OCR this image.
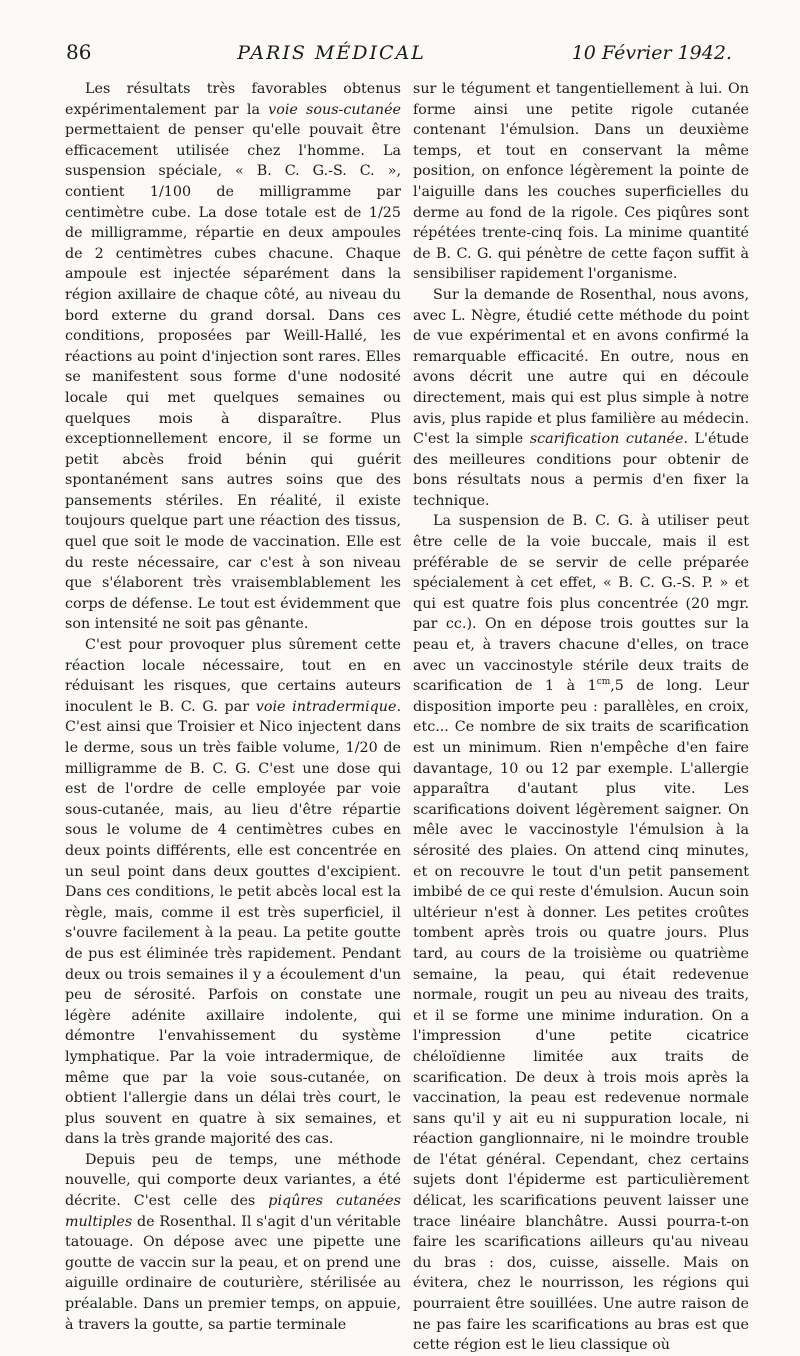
86	PARIS MÉDICAL	10 Février 1942.

Les résultats très favorables obtenus expérimentalement par la voie sous-cutanée permettaient de penser qu'elle pouvait être efficacement utilisée chez l'homme. La suspension spéciale, « B. C. G.-S. C. », contient 1/100 de milligramme par centimètre cube. La dose totale est de 1/25 de milligramme, répartie en deux ampoules de 2 centimètres cubes chacune. Chaque ampoule est injectée séparément dans la région axillaire de chaque côté, au niveau du bord externe du grand dorsal. Dans ces conditions, proposées par Weill-Hallé, les réactions au point d'injection sont rares. Elles se manifestent sous forme d'une nodosité locale qui met quelques semaines ou quelques mois à disparaître. Plus exceptionnellement encore, il se forme un petit abcès froid bénin qui guérit spontanément sans autres soins que des pansements stériles. En réalité, il existe toujours quelque part une réaction des tissus, quel que soit le mode de vaccination. Elle est du reste nécessaire, car c'est à son niveau que s'élaborent très vraisemblablement les corps de défense. Le tout est évidemment que son intensité ne soit pas gênante.

C'est pour provoquer plus sûrement cette réaction locale nécessaire, tout en en réduisant les risques, que certains auteurs inoculent le B. C. G. par voie intradermique. C'est ainsi que Troisier et Nico injectent dans le derme, sous un très faible volume, 1/20 de milligramme de B. C. G. C'est une dose qui est de l'ordre de celle employée par voie sous-cutanée, mais, au lieu d'être répartie sous le volume de 4 centimètres cubes en deux points différents, elle est concentrée en un seul point dans deux gouttes d'excipient. Dans ces conditions, le petit abcès local est la règle, mais, comme il est très superficiel, il s'ouvre facilement à la peau. La petite goutte de pus est éliminée très rapidement. Pendant deux ou trois semaines il y a écoulement d'un peu de sérosité. Parfois on constate une légère adénite axillaire indolente, qui démontre l'envahissement du système lymphatique. Par la voie intradermique, de même que par la voie sous-cutanée, on obtient l'allergie dans un délai très court, le plus souvent en quatre à six semaines, et dans la très grande majorité des cas.

Depuis peu de temps, une méthode nouvelle, qui comporte deux variantes, a été décrite. C'est celle des piqûres cutanées multiples de Rosenthal. Il s'agit d'un véritable tatouage. On dépose avec une pipette une goutte de vaccin sur la peau, et on prend une aiguille ordinaire de couturière, stérilisée au préalable. Dans un premier temps, on appuie, à travers la goutte, sa partie terminale

sur le tégument et tangentiellement à lui. On forme ainsi une petite rigole cutanée contenant l'émulsion. Dans un deuxième temps, et tout en conservant la même position, on enfonce légèrement la pointe de l'aiguille dans les couches superficielles du derme au fond de la rigole. Ces piqûres sont répétées trente-cinq fois. La minime quantité de B. C. G. qui pénètre de cette façon suffit à sensibiliser rapidement l'organisme.

Sur la demande de Rosenthal, nous avons, avec L. Nègre, étudié cette méthode du point de vue expérimental et en avons confirmé la remarquable efficacité. En outre, nous en avons décrit une autre qui en découle directement, mais qui est plus simple à notre avis, plus rapide et plus familière au médecin. C'est la simple scarification cutanée. L'étude des meilleures conditions pour obtenir de bons résultats nous a permis d'en fixer la technique.

La suspension de B. C. G. à utiliser peut être celle de la voie buccale, mais il est préférable de se servir de celle préparée spécialement à cet effet, « B. C. G.-S. P. » et qui est quatre fois plus concentrée (20 mgr. par cc.). On en dépose trois gouttes sur la peau et, à travers chacune d'elles, on trace avec un vaccinostyle stérile deux traits de scarification de 1 à $1^{cm},5$ de long. Leur disposition importe peu : parallèles, en croix, etc... Ce nombre de six traits de scarification est un minimum. Rien n'empêche d'en faire davantage, 10 ou 12 par exemple. L'allergie apparaîtra d'autant plus vite. Les scarifications doivent légèrement saigner. On mêle avec le vaccinostyle l'émulsion à la sérosité des plaies. On attend cinq minutes, et on recouvre le tout d'un petit pansement imbibé de ce qui reste d'émulsion. Aucun soin ultérieur n'est à donner. Les petites croûtes tombent après trois ou quatre jours. Plus tard, au cours de la troisième ou quatrième semaine, la peau, qui était redevenue normale, rougit un peu au niveau des traits, et il se forme une minime induration. On a l'impression d'une petite cicatrice chéloïdienne limitée aux traits de scarification. De deux à trois mois après la vaccination, la peau est redevenue normale sans qu'il y ait eu ni suppuration locale, ni réaction ganglionnaire, ni le moindre trouble de l'état général. Cependant, chez certains sujets dont l'épiderme est particulièrement délicat, les scarifications peuvent laisser une trace linéaire blanchâtre. Aussi pourra-t-on faire les scarifications ailleurs qu'au niveau du bras : dos, cuisse, aisselle. Mais on évitera, chez le nourrisson, les régions qui pourraient être souillées. Une autre raison de ne pas faire les scarifications au bras est que cette région est le lieu classique où
